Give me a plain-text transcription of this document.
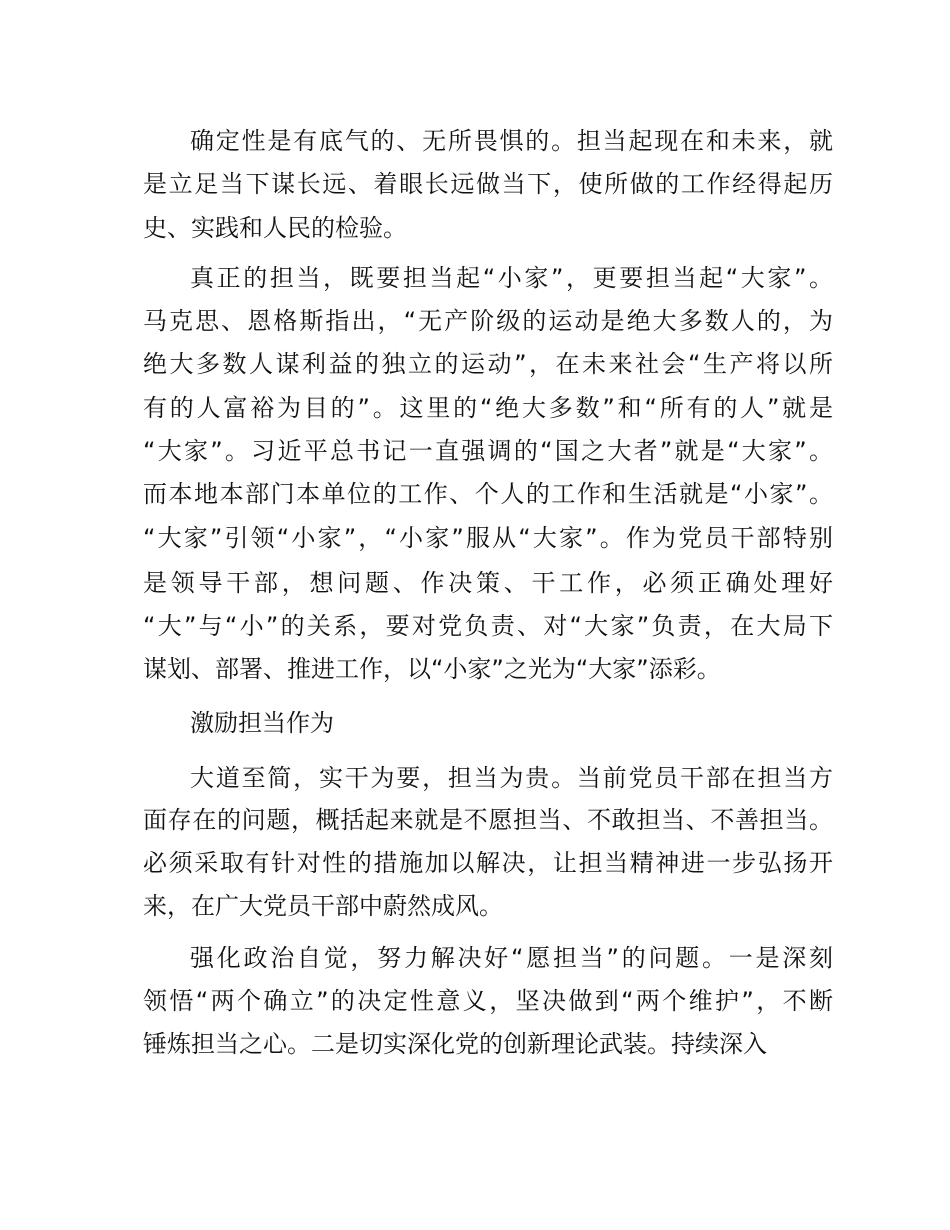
确定性是有底气的、无所畏惧的。担当起现在和未来，就
是立足当下谋长远、着眼长远做当下，使所做的工作经得起历
史、实践和人民的检验。
真正的担当，既要担当起“小家”，更要担当起“大家”。
马克思、恩格斯指出，“无产阶级的运动是绝大多数人的，为
绝大多数人谋利益的独立的运动”，在未来社会“生产将以所
有的人富裕为目的”。这里的“绝大多数”和“所有的人”就是
“大家”。习近平总书记一直强调的“国之大者”就是“大家”。
而本地本部门本单位的工作、个人的工作和生活就是“小家”。
“大家”引领“小家”，“小家”服从“大家”。作为党员干部特别
是领导干部，想问题、作决策、干工作，必须正确处理好
“大”与“小”的关系，要对党负责、对“大家”负责，在大局下
谋划、部署、推进工作，以“小家”之光为“大家”添彩。
激励担当作为
大道至简，实干为要，担当为贵。当前党员干部在担当方
面存在的问题，概括起来就是不愿担当、不敢担当、不善担当。
必须采取有针对性的措施加以解决，让担当精神进一步弘扬开
来，在广大党员干部中蔚然成风。
强化政治自觉，努力解决好“愿担当”的问题。一是深刻
领悟“两个确立”的决定性意义，坚决做到“两个维护”，不断
锤炼担当之心。二是切实深化党的创新理论武装。持续深入
